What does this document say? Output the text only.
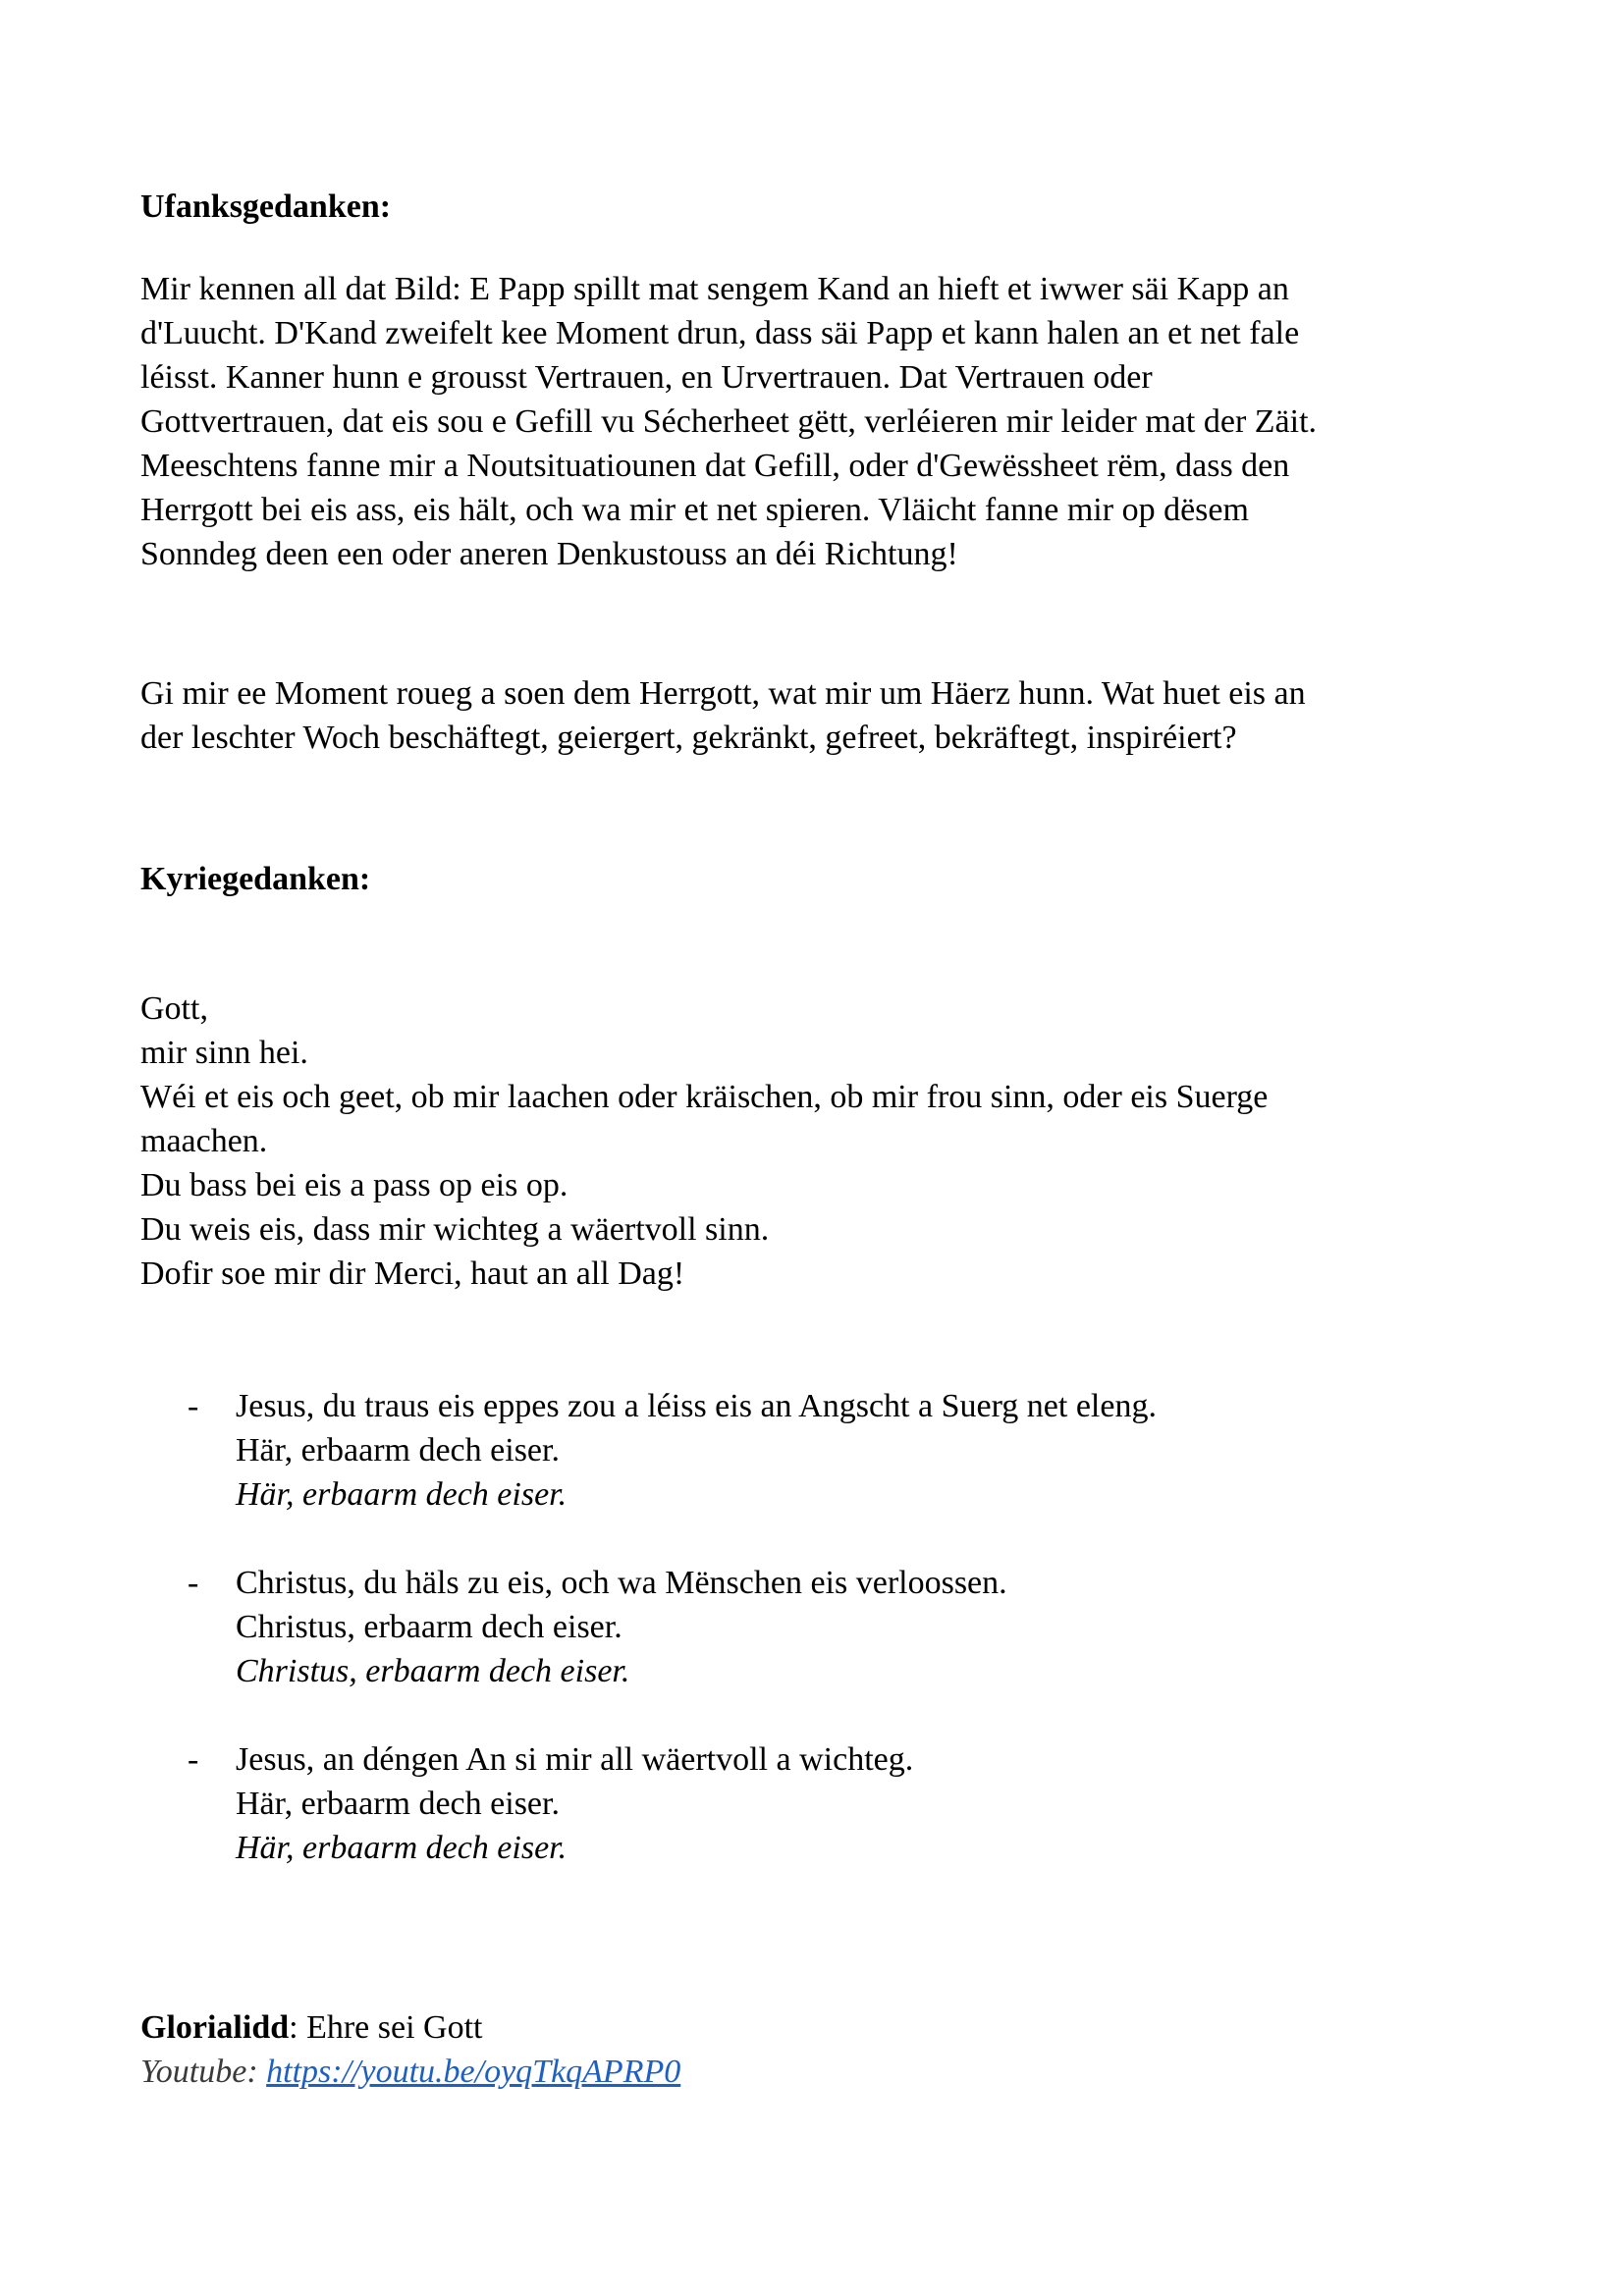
Ufanksgedanken:
Mir kennen all dat Bild: E Papp spillt mat sengem Kand an hieft et iwwer säi Kapp an
d'Luucht. D'Kand zweifelt kee Moment drun, dass säi Papp et kann halen an et net fale
léisst. Kanner hunn e grousst Vertrauen, en Urvertrauen. Dat Vertrauen oder
Gottvertrauen, dat eis sou e Gefill vu Sécherheet gëtt, verléieren mir leider mat der Zäit.
Meeschtens fanne mir a Noutsituatiounen dat Gefill, oder d'Gewëssheet rëm, dass den
Herrgott bei eis ass, eis hält, och wa mir et net spieren. Vläicht fanne mir op dësem
Sonndeg deen een oder aneren Denkustouss an déi Richtung!
Gi mir ee Moment roueg a soen dem Herrgott, wat mir um Häerz hunn. Wat huet eis an
der leschter Woch beschäftegt, geiergert, gekränkt, gefreet, bekräftegt, inspiréiert?
Kyriegedanken:
Gott,
mir sinn hei.
Wéi et eis och geet, ob mir laachen oder kräischen, ob mir frou sinn, oder eis Suerge
maachen.
Du bass bei eis a pass op eis op.
Du weis eis, dass mir wichteg a wäertvoll sinn.
Dofir soe mir dir Merci, haut an all Dag!
- Jesus, du traus eis eppes zou a léiss eis an Angscht a Suerg net eleng.
Här, erbaarm dech eiser.
Här, erbaarm dech eiser.
- Christus, du häls zu eis, och wa Mënschen eis verloossen.
Christus, erbaarm dech eiser.
Christus, erbaarm dech eiser.
- Jesus, an déngen An si mir all wäertvoll a wichteg.
Här, erbaarm dech eiser.
Här, erbaarm dech eiser.
Glorialidd: Ehre sei Gott
Youtube: https://youtu.be/oyqTkqAPRP0
